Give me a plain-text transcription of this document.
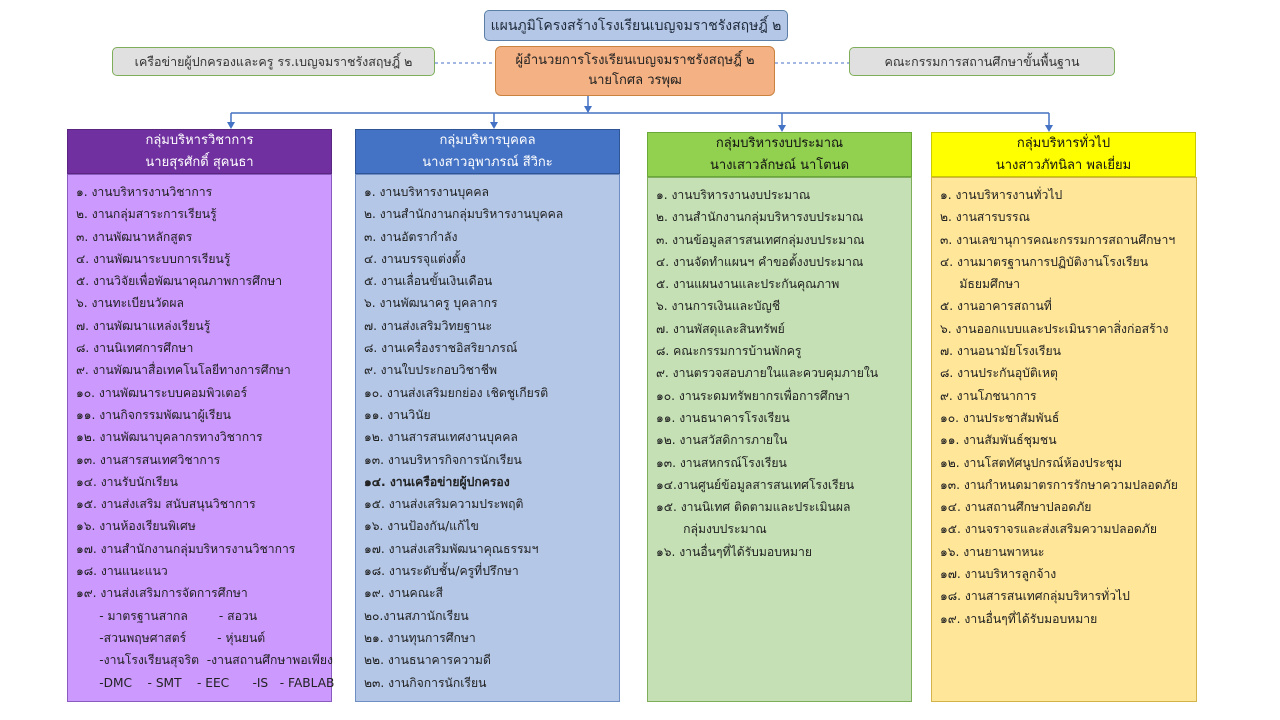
แผนภูมิโครงสร้างโรงเรียนเบญจมราชรังสฤษฎิ์ ๒
เครือข่ายผู้ปกครองและครู รร.เบญจมราชรังสฤษฎิ์ ๒	คณะกรรมการสถานศึกษาขั้นพื้นฐาน
ผู้อำนวยการโรงเรียนเบญจมราชรังสฤษฎิ์ ๒
นายโกศล วรพุฒ
กลุ่มบริหารวิชาการ
นายสุรศักดิ์ สุคนธา
๑. งานบริหารงานวิชาการ
๒. งานกลุ่มสาระการเรียนรู้
๓. งานพัฒนาหลักสูตร
๔. งานพัฒนาระบบการเรียนรู้
๕. งานวิจัยเพื่อพัฒนาคุณภาพการศึกษา
๖. งานทะเบียนวัดผล
๗. งานพัฒนาแหล่งเรียนรู้
๘. งานนิเทศการศึกษา
๙. งานพัฒนาสื่อเทคโนโลยีทางการศึกษา
๑๐. งานพัฒนาระบบคอมพิวเตอร์
๑๑. งานกิจกรรมพัฒนาผู้เรียน
๑๒. งานพัฒนาบุคลากรทางวิชาการ
๑๓. งานสารสนเทศวิชาการ
๑๔. งานรับนักเรียน
๑๕. งานส่งเสริม สนับสนุนวิชาการ
๑๖. งานห้องเรียนพิเศษ
๑๗. งานสำนักงานกลุ่มบริหารงานวิชาการ
๑๘. งานแนะแนว
๑๙. งานส่งเสริมการจัดการศึกษา
- มาตรฐานสากล        - สอวน
-สวนพฤษศาสตร์        - หุ่นยนต์
-งานโรงเรียนสุจริต  -งานสถานศึกษาพอเพียง
-DMC    - SMT    - EEC      -IS   - FABLAB
กลุ่มบริหารบุคคล
นางสาวอุพาภรณ์ สีวิกะ
๑. งานบริหารงานบุคคล
๒. งานสำนักงานกลุ่มบริหารงานบุคคล
๓. งานอัตรากำลัง
๔. งานบรรจุแต่งตั้ง
๕. งานเลื่อนขั้นเงินเดือน
๖. งานพัฒนาครู บุคลากร
๗. งานส่งเสริมวิทยฐานะ
๘. งานเครื่องราชอิสริยาภรณ์
๙. งานใบประกอบวิชาชีพ
๑๐. งานส่งเสริมยกย่อง เชิดชูเกียรติ
๑๑. งานวินัย
๑๒. งานสารสนเทศงานบุคคล
๑๓. งานบริหารกิจการนักเรียน
๑๔. งานเครือข่ายผู้ปกครอง
๑๕. งานส่งเสริมความประพฤติ
๑๖. งานป้องกัน/แก้ไข
๑๗. งานส่งเสริมพัฒนาคุณธรรมฯ
๑๘. งานระดับชั้น/ครูที่ปรึกษา
๑๙. งานคณะสี
๒๐.งานสภานักเรียน
๒๑. งานทุนการศึกษา
๒๒. งานธนาคารความดี
๒๓. งานกิจการนักเรียน
กลุ่มบริหารงบประมาณ
นางเสาวลักษณ์ นาโตนด
๑. งานบริหารงานงบประมาณ
๒. งานสำนักงานกลุ่มบริหารงบประมาณ
๓. งานข้อมูลสารสนเทศกลุ่มงบประมาณ
๔. งานจัดทำแผนฯ คำขอตั้งงบประมาณ
๕. งานแผนงานและประกันคุณภาพ
๖. งานการเงินและบัญชี
๗. งานพัสดุและสินทรัพย์
๘. คณะกรรมการบ้านพักครู
๙. งานตรวจสอบภายในและควบคุมภายใน
๑๐. งานระดมทรัพยากรเพื่อการศึกษา
๑๑. งานธนาคารโรงเรียน
๑๒. งานสวัสดิการภายใน
๑๓. งานสหกรณ์โรงเรียน
๑๔.งานศูนย์ข้อมูลสารสนเทศโรงเรียน
๑๕. งานนิเทศ ติดตามและประเมินผล
กลุ่มงบประมาณ
๑๖. งานอื่นๆที่ได้รับมอบหมาย
กลุ่มบริหารทั่วไป
นางสาวภัทนิลา พลเยี่ยม
๑. งานบริหารงานทั่วไป
๒. งานสารบรรณ
๓. งานเลขานุการคณะกรรมการสถานศึกษาฯ
๔. งานมาตรฐานการปฏิบัติงานโรงเรียน
มัธยมศึกษา
๕. งานอาคารสถานที่
๖. งานออกแบบและประเมินราคาสิ่งก่อสร้าง
๗. งานอนามัยโรงเรียน
๘. งานประกันอุบัติเหตุ
๙. งานโภชนาการ
๑๐. งานประชาสัมพันธ์
๑๑. งานสัมพันธ์ชุมชน
๑๒. งานโสตทัศนูปกรณ์ห้องประชุม
๑๓. งานกำหนดมาตรการรักษาความปลอดภัย
๑๔. งานสถานศึกษาปลอดภัย
๑๕. งานจราจรและส่งเสริมความปลอดภัย
๑๖. งานยานพาหนะ
๑๗. งานบริหารลูกจ้าง
๑๘. งานสารสนเทศกลุ่มบริหารทั่วไป
๑๙. งานอื่นๆที่ได้รับมอบหมาย
